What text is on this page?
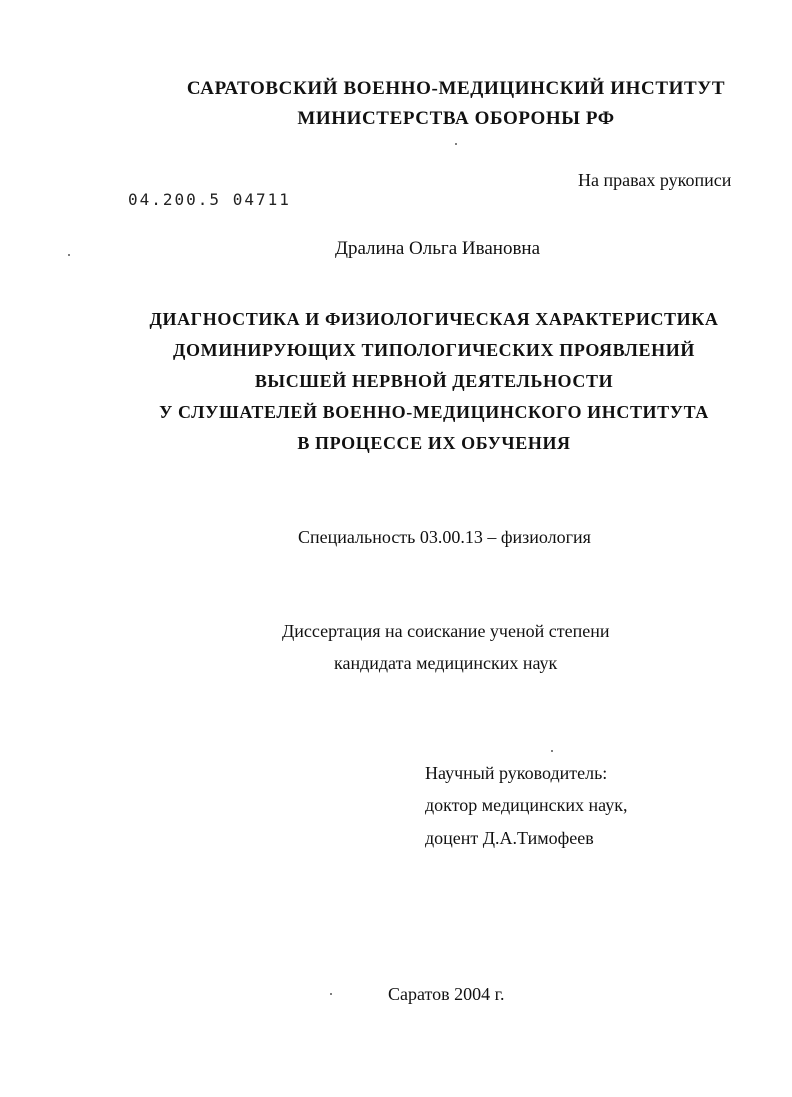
САРАТОВСКИЙ ВОЕННО-МЕДИЦИНСКИЙ ИНСТИТУТ
МИНИСТЕРСТВА ОБОРОНЫ РФ
На правах рукописи
04.200.5 04711
Дралина Ольга Ивановна
ДИАГНОСТИКА И ФИЗИОЛОГИЧЕСКАЯ ХАРАКТЕРИСТИКА
ДОМИНИРУЮЩИХ ТИПОЛОГИЧЕСКИХ ПРОЯВЛЕНИЙ
ВЫСШЕЙ НЕРВНОЙ ДЕЯТЕЛЬНОСТИ
У СЛУШАТЕЛЕЙ ВОЕННО-МЕДИЦИНСКОГО ИНСТИТУТА
В ПРОЦЕССЕ ИХ ОБУЧЕНИЯ
Специальность 03.00.13 – физиология
Диссертация на соискание ученой степени
кандидата медицинских наук
Научный руководитель:
доктор медицинских наук,
доцент Д.А.Тимофеев
Саратов 2004 г.
